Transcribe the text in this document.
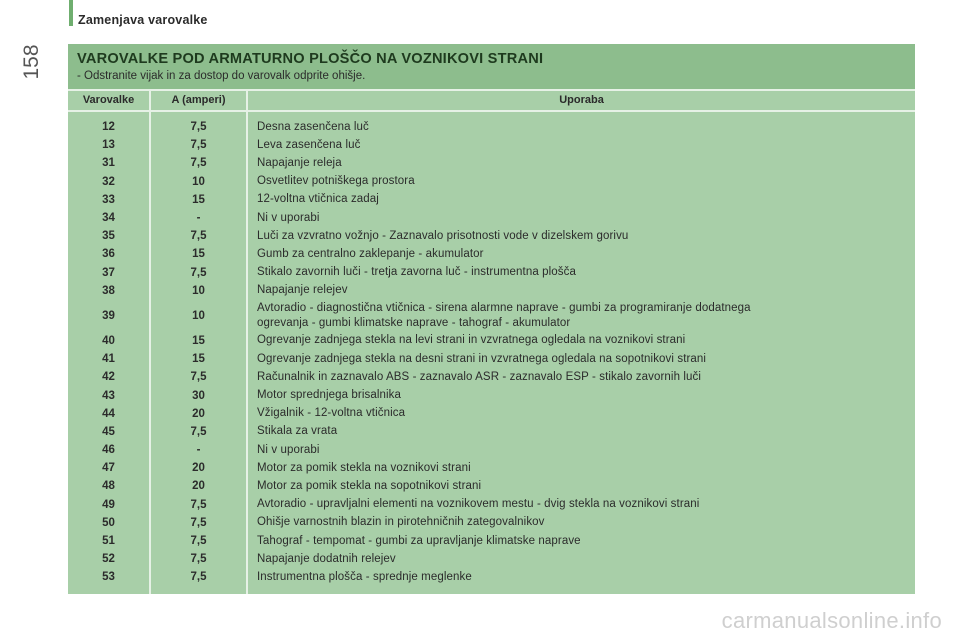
158
Zamenjava varovalke
VAROVALKE POD ARMATURNO PLOŠČO NA VOZNIKOVI STRANI
- Odstranite vijak in za dostop do varovalk odprite ohišje.
Varovalke	A (amperi)	Uporaba
12	7,5	Desna zasenčena luč
13	7,5	Leva zasenčena luč
31	7,5	Napajanje releja
32	10	Osvetlitev potniškega prostora
33	15	12-voltna vtičnica zadaj
34	-	Ni v uporabi
35	7,5	Luči za vzvratno vožnjo - Zaznavalo prisotnosti vode v dizelskem gorivu
36	15	Gumb za centralno zaklepanje - akumulator
37	7,5	Stikalo zavornih luči - tretja zavorna luč - instrumentna plošča
38	10	Napajanje relejev
39	10
Avtoradio - diagnostična vtičnica - sirena alarmne naprave - gumbi za programiranje dodatnega
ogrevanja - gumbi klimatske naprave - tahograf - akumulator
40	15	Ogrevanje zadnjega stekla na levi strani in vzvratnega ogledala na voznikovi strani
41	15	Ogrevanje zadnjega stekla na desni strani in vzvratnega ogledala na sopotnikovi strani
42	7,5	Računalnik in zaznavalo ABS - zaznavalo ASR - zaznavalo ESP - stikalo zavornih luči
43	30	Motor sprednjega brisalnika
44	20	Vžigalnik - 12-voltna vtičnica
45	7,5	Stikala za vrata
46	-	Ni v uporabi
47	20	Motor za pomik stekla na voznikovi strani
48	20	Motor za pomik stekla na sopotnikovi strani
49	7,5	Avtoradio - upravljalni elementi na voznikovem mestu - dvig stekla na voznikovi strani
50	7,5	Ohišje varnostnih blazin in pirotehničnih zategovalnikov
51	7,5	Tahograf - tempomat - gumbi za upravljanje klimatske naprave
52	7,5	Napajanje dodatnih relejev
53	7,5	Instrumentna plošča - sprednje meglenke
carmanualsonline.info
